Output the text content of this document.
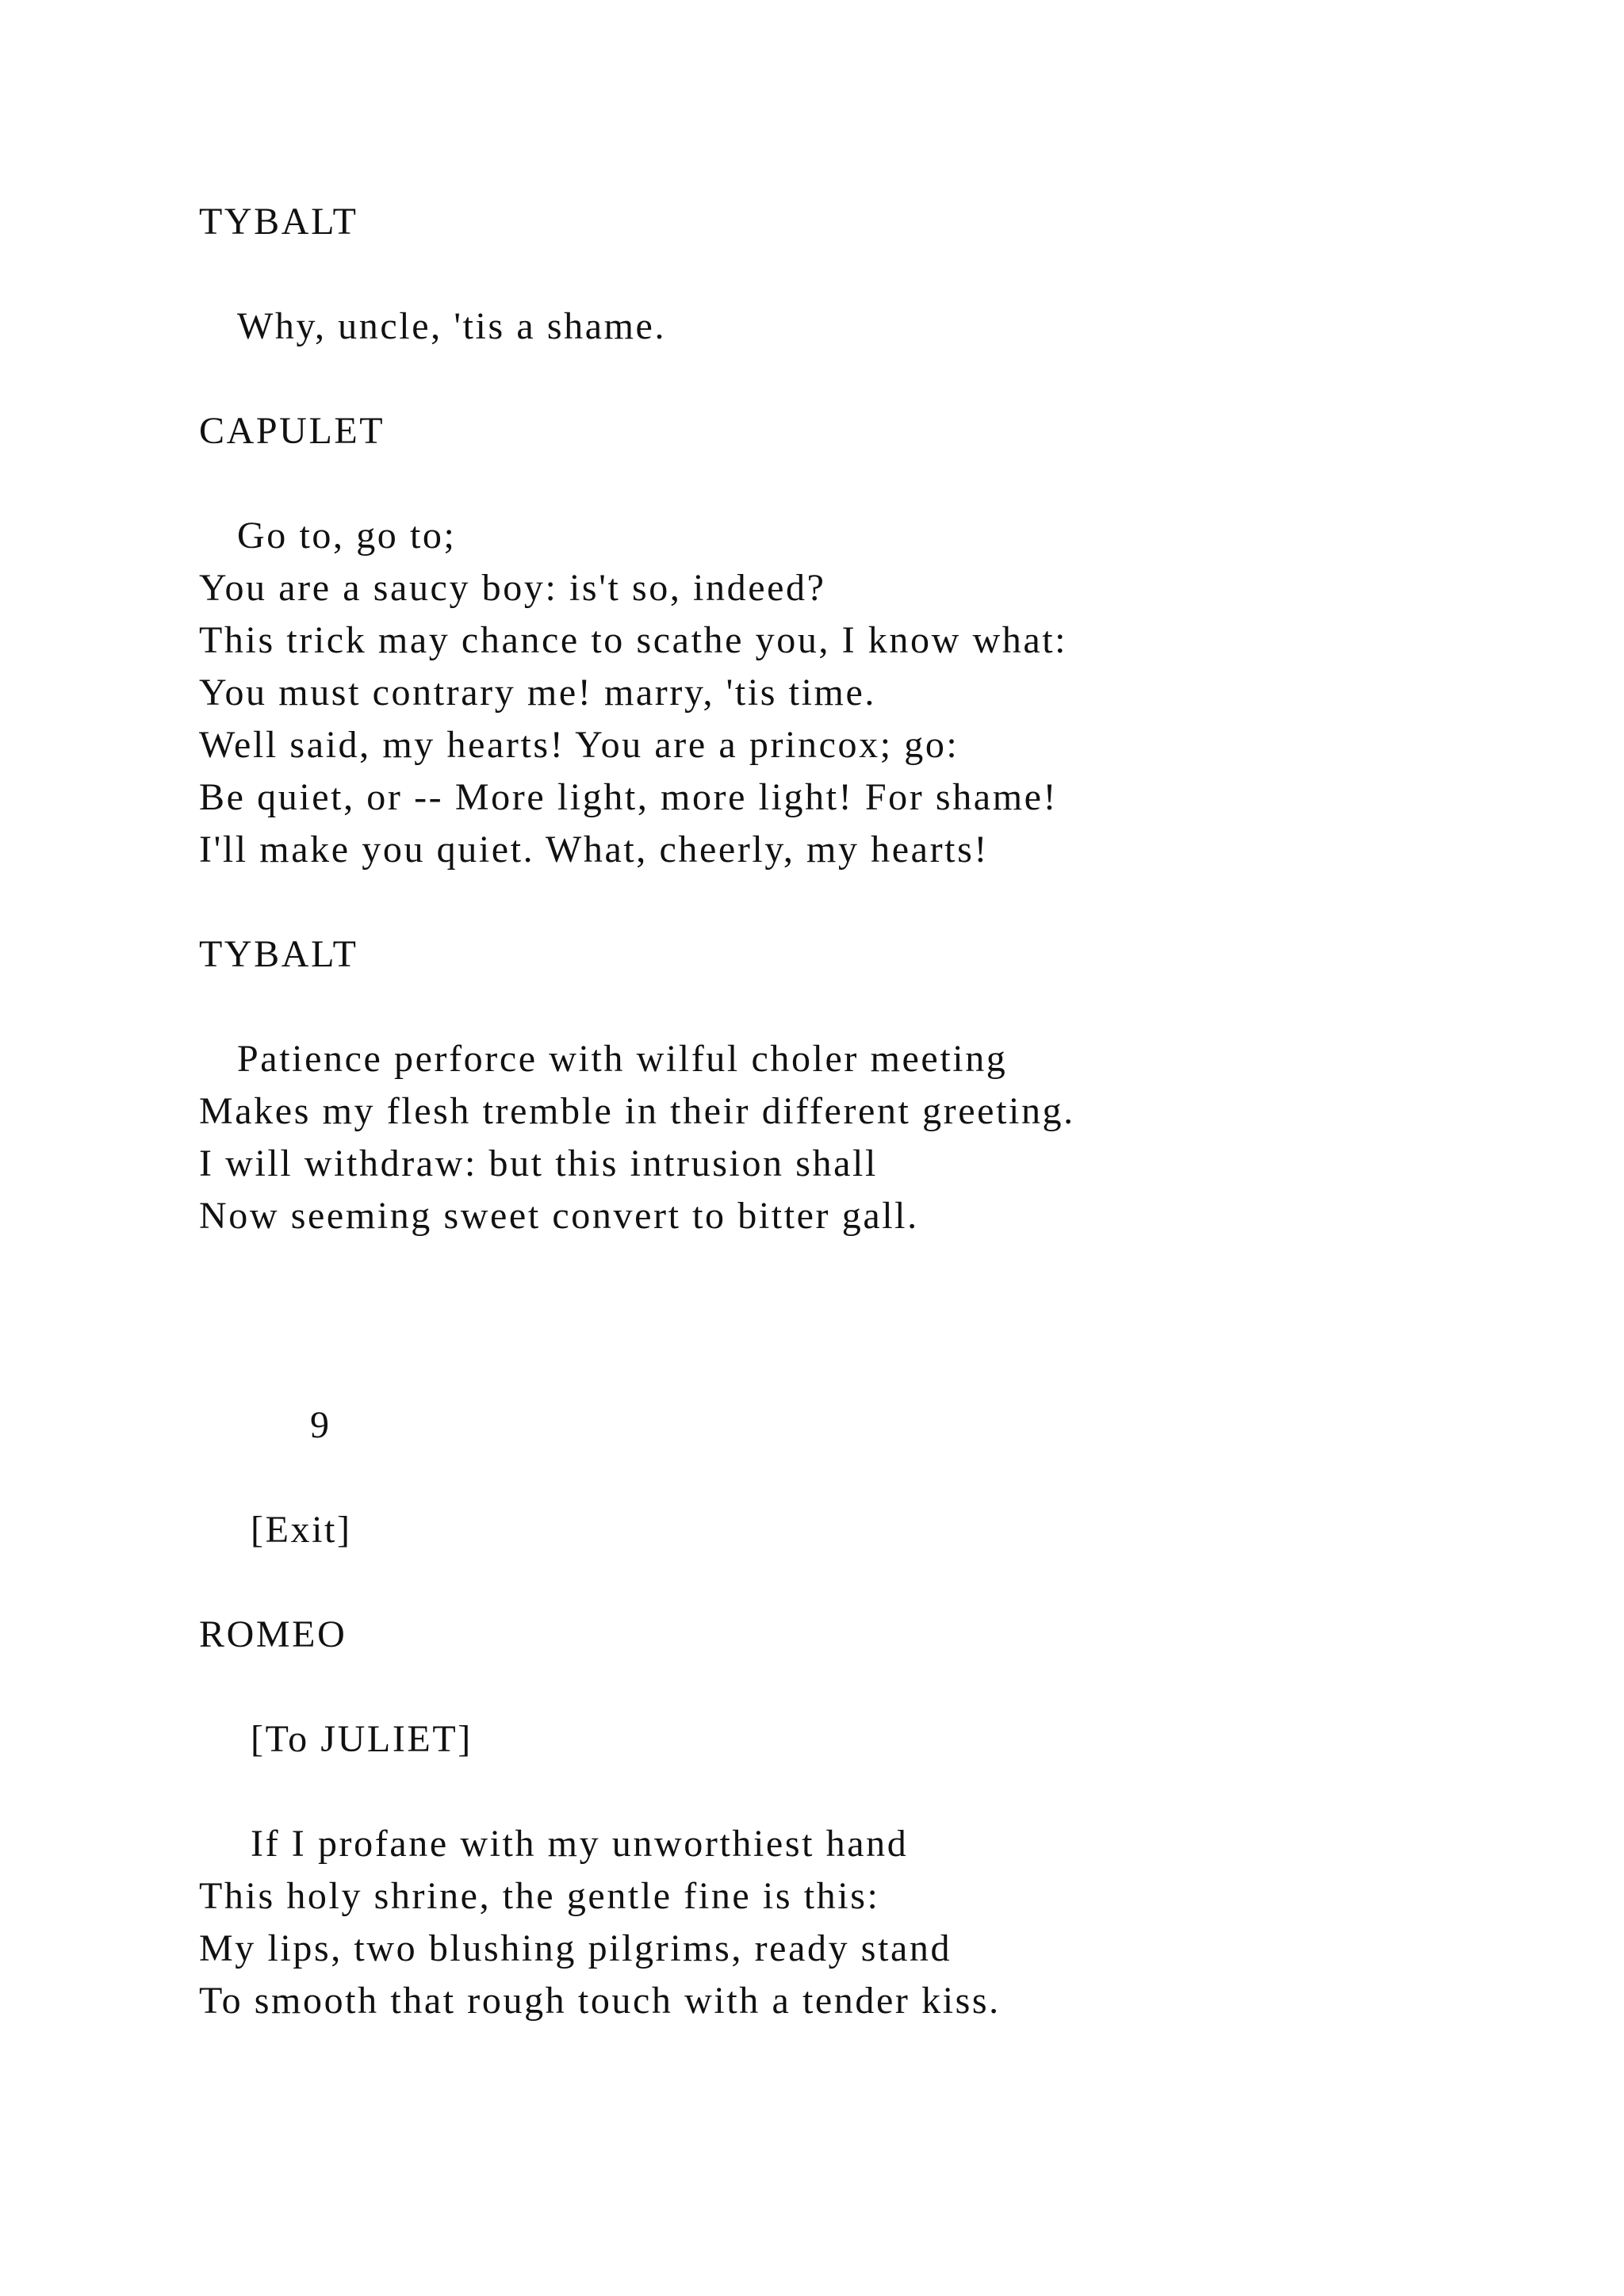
TYBALT

Why, uncle, 'tis a shame.

CAPULET

Go to, go to;

You are a saucy boy: is't so, indeed?

This trick may chance to scathe you, I know what:

You must contrary me! marry, 'tis time.

Well said, my hearts! You are a princox; go:

Be quiet, or -- More light, more light! For shame!

I'll make you quiet. What, cheerly, my hearts!

TYBALT

Patience perforce with wilful choler meeting

Makes my flesh tremble in their different greeting.

I will withdraw: but this intrusion shall

Now seeming sweet convert to bitter gall.

9

[Exit]

ROMEO

[To JULIET]

If I profane with my unworthiest hand

This holy shrine, the gentle fine is this:

My lips, two blushing pilgrims, ready stand

To smooth that rough touch with a tender kiss.
